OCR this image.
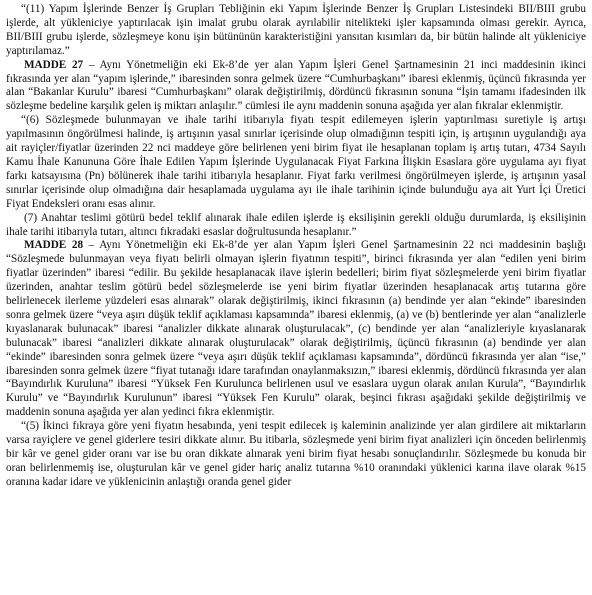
“(11) Yapım İşlerinde Benzer İş Grupları Tebliğinin eki Yapım İşlerinde Benzer İş Grupları Listesindeki BII/BIII grubu işlerde, alt yükleniciye yaptırılacak işin imalat grubu olarak ayrılabilir nitelikteki işler kapsamında olması gerekir. Ayrıca, BII/BIII grubu işlerde, sözleşmeye konu işin bütününün karakteristiğini yansıtan kısımları da, bir bütün halinde alt yükleniciye yaptırılamaz.”

MADDE 27 – Aynı Yönetmeliğin eki Ek-8’de yer alan Yapım İşleri Genel Şartnamesinin 21 inci maddesinin ikinci fıkrasında yer alan “yapım işlerinde,” ibaresinden sonra gelmek üzere “Cumhurbaşkanı” ibaresi eklenmiş, üçüncü fıkrasında yer alan “Bakanlar Kurulu” ibaresi “Cumhurbaşkanı” olarak değiştirilmiş, dördüncü fıkrasının sonuna “İşin tamamı ifadesinden ilk sözleşme bedeline karşılık gelen iş miktarı anlaşılır.” cümlesi ile aynı maddenin sonuna aşağıda yer alan fıkralar eklenmiştir.

“(6) Sözleşmede bulunmayan ve ihale tarihi itibarıyla fiyatı tespit edilemeyen işlerin yaptırılması suretiyle iş artışı yapılmasının öngörülmesi halinde, iş artışının yasal sınırlar içerisinde olup olmadığının tespiti için, iş artışının uygulandığı aya ait rayiçler/fiyatlar üzerinden 22 nci maddeye göre belirlenen yeni birim fiyat ile hesaplanan toplam iş artış tutarı, 4734 Sayılı Kamu İhale Kanununa Göre İhale Edilen Yapım İşlerinde Uygulanacak Fiyat Farkına İlişkin Esaslara göre uygulama ayı fiyat farkı katsayısına (Pn) bölünerek ihale tarihi itibarıyla hesaplanır. Fiyat farkı verilmesi öngörülmeyen işlerde, iş artışının yasal sınırlar içerisinde olup olmadığına dair hesaplamada uygulama ayı ile ihale tarihinin içinde bulunduğu aya ait Yurt İçi Üretici Fiyat Endeksleri oranı esas alınır.

(7) Anahtar teslimi götürü bedel teklif alınarak ihale edilen işlerde iş eksilişinin gerekli olduğu durumlarda, iş eksilişinin ihale tarihi itibarıyla tutarı, altıncı fıkradaki esaslar doğrultusunda hesaplanır.”

MADDE 28 – Aynı Yönetmeliğin eki Ek-8’de yer alan Yapım İşleri Genel Şartnamesinin 22 nci maddesinin başlığı “Sözleşmede bulunmayan veya fiyatı belirli olmayan işlerin fiyatının tespiti”, birinci fıkrasında yer alan “edilen yeni birim fiyatlar üzerinden” ibaresi “edilir. Bu şekilde hesaplanacak ilave işlerin bedelleri; birim fiyat sözleşmelerde yeni birim fiyatlar üzerinden, anahtar teslim götürü bedel sözleşmelerde ise yeni birim fiyatlar üzerinden hesaplanacak artış tutarına göre belirlenecek ilerleme yüzdeleri esas alınarak” olarak değiştirilmiş, ikinci fıkrasının (a) bendinde yer alan “ekinde” ibaresinden sonra gelmek üzere “veya aşırı düşük teklif açıklaması kapsamında” ibaresi eklenmiş, (a) ve (b) bentlerinde yer alan “analizlerle kıyaslanarak bulunacak” ibaresi “analizler dikkate alınarak oluşturulacak”, (c) bendinde yer alan “analizleriyle kıyaslanarak bulunacak” ibaresi “analizleri dikkate alınarak oluşturulacak” olarak değiştirilmiş, üçüncü fıkrasının (a) bendinde yer alan “ekinde” ibaresinden sonra gelmek üzere “veya aşırı düşük teklif açıklaması kapsamında”, dördüncü fıkrasında yer alan “ise,” ibaresinden sonra gelmek üzere “fiyat tutanağı idare tarafından onaylanmaksızın,” ibaresi eklenmiş, dördüncü fıkrasında yer alan “Bayındırlık Kuruluna” ibaresi “Yüksek Fen Kurulunca belirlenen usul ve esaslara uygun olarak anılan Kurula”, “Bayındırlık Kurulu” ve “Bayındırlık Kurulunun” ibaresi “Yüksek Fen Kurulu” olarak, beşinci fıkrası aşağıdaki şekilde değiştirilmiş ve maddenin sonuna aşağıda yer alan yedinci fıkra eklenmiştir.

“(5) İkinci fıkraya göre yeni fiyatın hesabında, yeni tespit edilecek iş kaleminin analizinde yer alan girdilere ait miktarların varsa rayiçlere ve genel giderlere tesiri dikkate alınır. Bu itibarla, sözleşmede yeni birim fiyat analizleri için önceden belirlenmiş bir kâr ve genel gider oranı var ise bu oran dikkate alınarak yeni birim fiyat hesabı sonuçlandırılır. Sözleşmede bu konuda bir oran belirlenmemiş ise, oluşturulan kâr ve genel gider hariç analiz tutarına %10 oranındaki yüklenici karına ilave olarak %15 oranına kadar idare ve yüklenicinin anlaştığı oranda genel gider
